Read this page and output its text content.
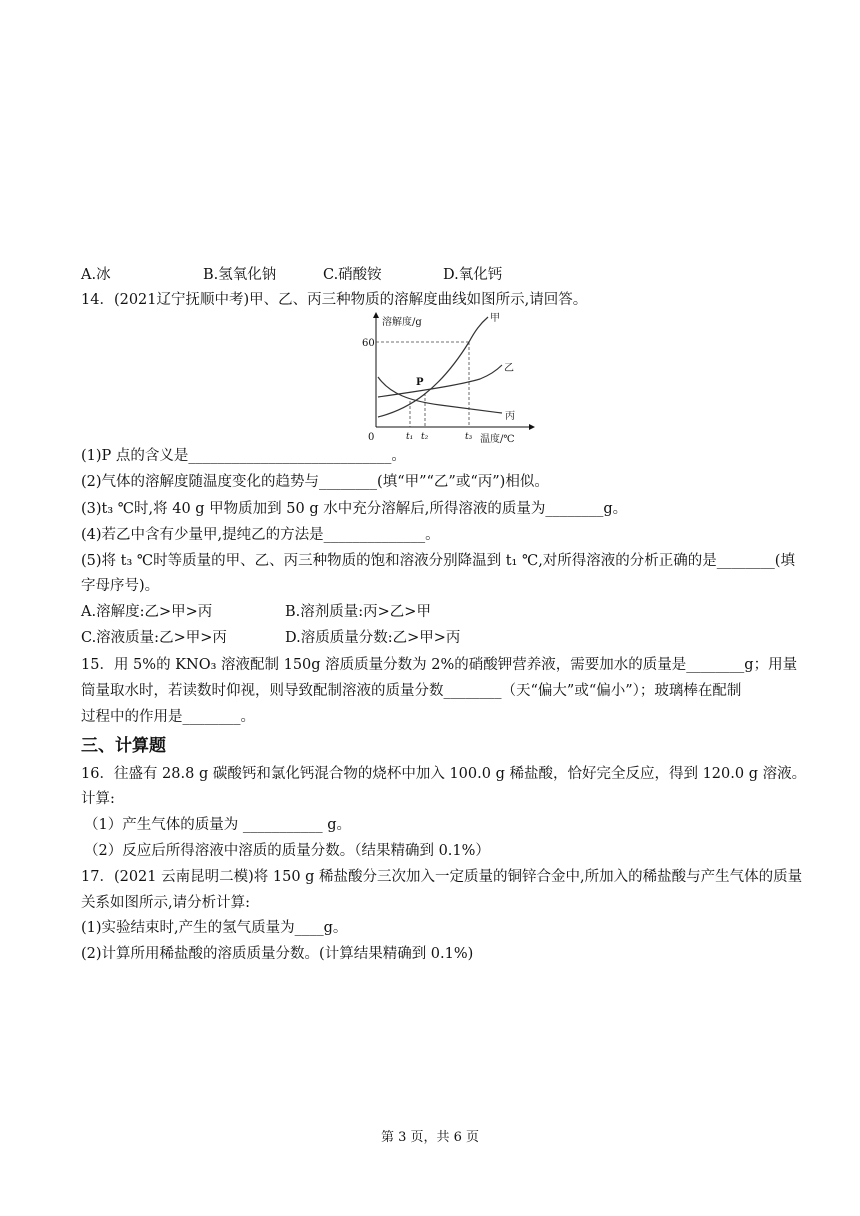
A.冰	B.氢氧化钠	C.硝酸铵	D.氧化钙
14．(2021辽宁抚顺中考)甲、乙、丙三种物质的溶解度曲线如图所示,请回答。
溶解度/g
60
0	t₁ t₂	t₃ 温度/℃
甲
乙
丙
P
(1)P 点的含义是____________________________。
(2)气体的溶解度随温度变化的趋势与________(填“甲”“乙”或“丙”)相似。
(3)t₃ ℃时,将 40 g 甲物质加到 50 g 水中充分溶解后,所得溶液的质量为________g。
(4)若乙中含有少量甲,提纯乙的方法是______________。
(5)将 t₃ ℃时等质量的甲、乙、丙三种物质的饱和溶液分别降温到 t₁ ℃,对所得溶液的分析正确的是________(填
字母序号)。
A.溶解度:乙>甲>丙	B.溶剂质量:丙>乙>甲
C.溶液质量:乙>甲>丙	D.溶质质量分数:乙>甲>丙
15．用 5%的 KNO₃ 溶液配制 150g 溶质质量分数为 2%的硝酸钾营养液，需要加水的质量是________g；用量
筒量取水时，若读数时仰视，则导致配制溶液的质量分数________（天“偏大”或“偏小”）；玻璃棒在配制
过程中的作用是________。
三、计算题
16．往盛有 28.8 g 碳酸钙和氯化钙混合物的烧杯中加入 100.0 g 稀盐酸，恰好完全反应，得到 120.0 g 溶液。
计算:
（1）产生气体的质量为 ___________ g。
（2）反应后所得溶液中溶质的质量分数。（结果精确到 0.1%）
17．(2021 云南昆明二模)将 150 g 稀盐酸分三次加入一定质量的铜锌合金中,所加入的稀盐酸与产生气体的质量
关系如图所示,请分析计算:
(1)实验结束时,产生的氢气质量为____g。
(2)计算所用稀盐酸的溶质质量分数。(计算结果精确到 0.1%)
第 3 页，共 6 页
